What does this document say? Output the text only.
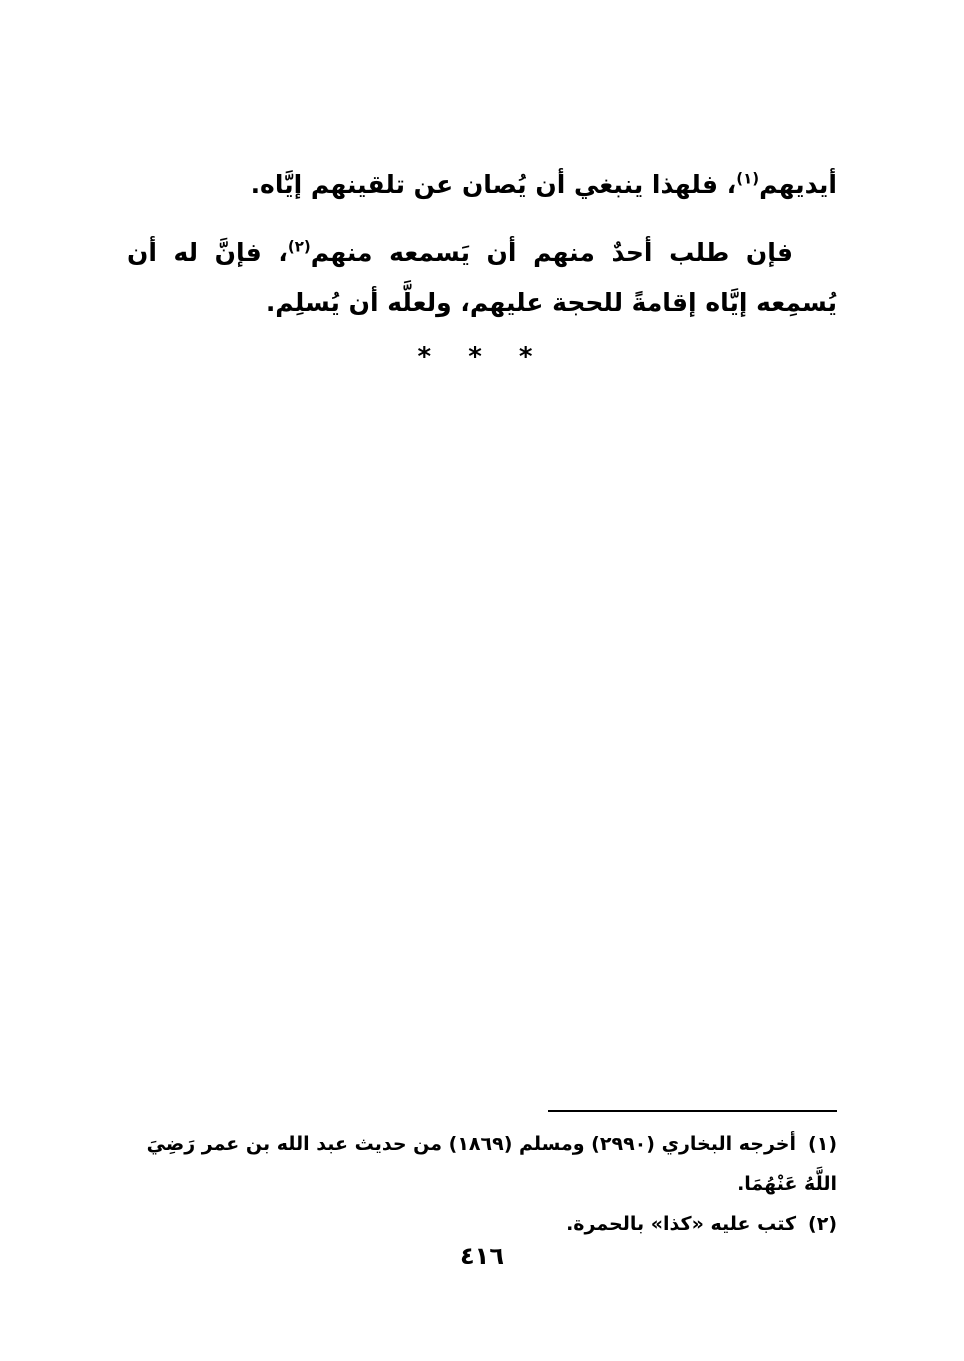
أيديهم$^{(١)}$، فلهذا ينبغي أن يُصان عن تلقينهم إيَّاه.

فإن طلب أحدٌ منهم أن يَسمعه منهم$^{(٢)}$، فإنَّ له أن يُسمِعه إيَّاه إقامةً للحجة عليهم، ولعلَّه أن يُسلِم.

* * *
(١)أخرجه البخاري (٢٩٩٠) ومسلم (١٨٦٩) من حديث عبد الله بن عمر رَضِيَ اللَّهُ عَنْهُمَا.
(٢)كتب عليه «كذا» بالحمرة.
٤١٦
